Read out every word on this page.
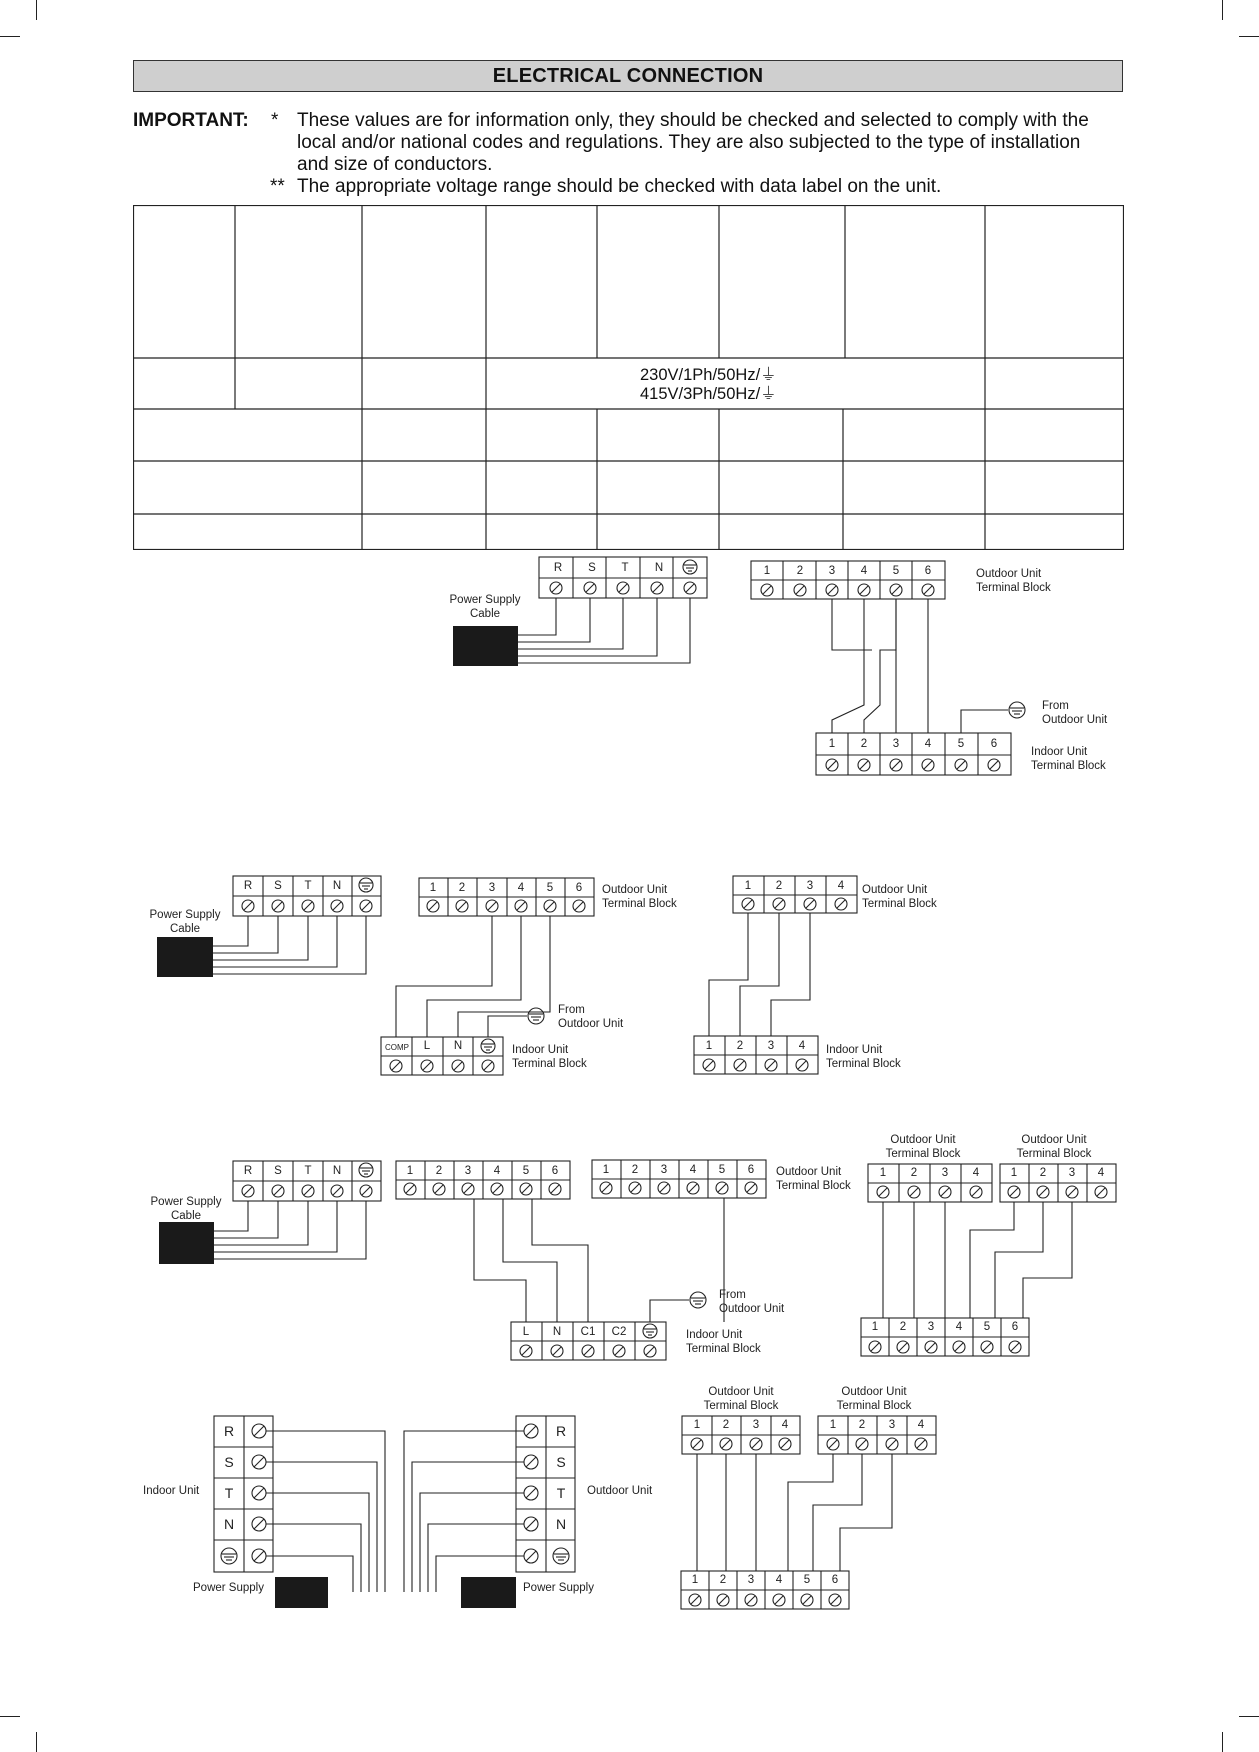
ELECTRICAL CONNECTION
IMPORTANT: * These values are for information only, they should be checked and selected to comply with the
local and/or national codes and regulations. They are also subjected to the type of installation
and size of conductors.
** The appropriate voltage range should be checked with data label on the unit.
230V/1Ph/50Hz/⏚
415V/3Ph/50Hz/⏚
Power Supply
Cable
R	S	T	N	1	2	3	4	5	6	Outdoor Unit
Terminal Block
From
Outdoor Unit
1	2	3	4	5	6
Indoor Unit
Terminal Block
Power Supply
Cable
R	S	T	N	1	2	3	4	5	6	Outdoor Unit
Terminal Block
From
Outdoor Unit
COMP	L	N	Indoor Unit
Terminal Block
1	2	3	4	Outdoor Unit
Terminal Block
1	2	3	4	Indoor Unit
Terminal Block
Power Supply
Cable
R	S	T	N	1	2	3	4	5	6	1	2	3	4	5	6	Outdoor Unit
Terminal Block
From
Outdoor Unit
L	N	C1 C2	Indoor Unit
Terminal Block
Outdoor Unit
Terminal Block
Outdoor Unit
Terminal Block
1	2	3	4	1	2	3	4
1	2	3	4	5	6
R
S
T
N
R
S
T
N
Indoor Unit	Outdoor Unit
Power Supply	Power Supply
Outdoor Unit
Terminal Block
Outdoor Unit
Terminal Block
1	2	3	4	1	2	3	4
1	2	3	4	5	6
